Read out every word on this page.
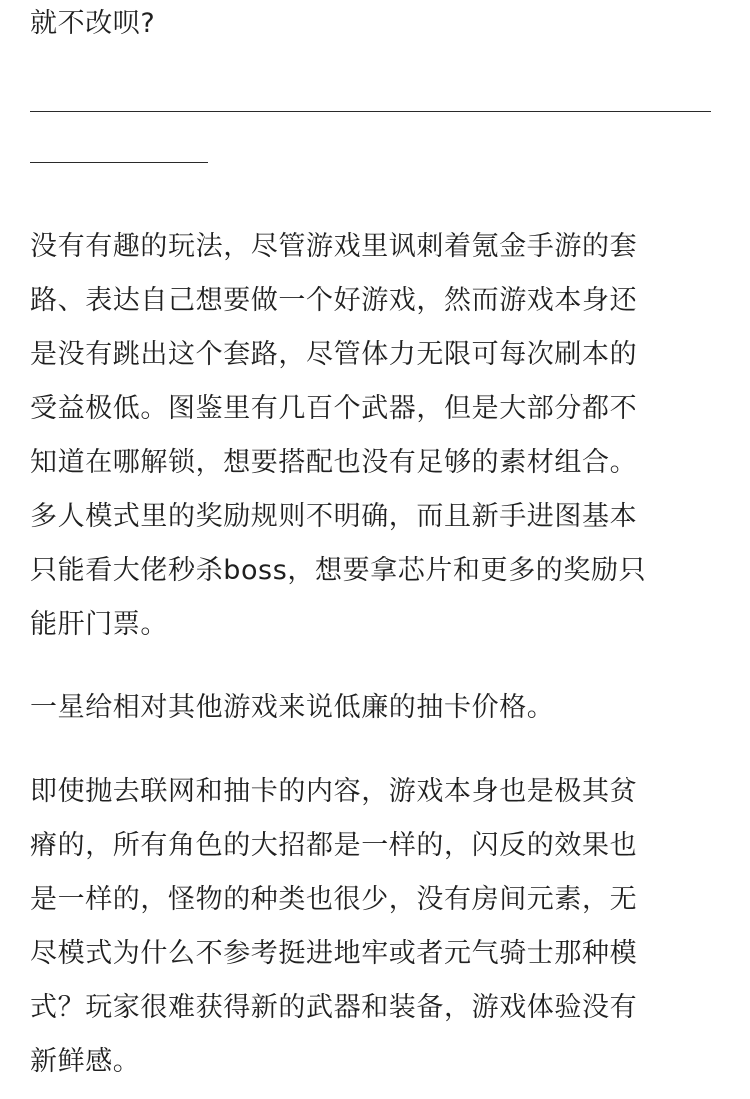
就不改呗?
没有有趣的玩法，尽管游戏里讽刺着氪金手游的套
路、表达自己想要做一个好游戏，然而游戏本身还
是没有跳出这个套路，尽管体力无限可每次刷本的
受益极低。图鉴里有几百个武器，但是大部分都不
知道在哪解锁，想要搭配也没有足够的素材组合。
多人模式里的奖励规则不明确，而且新手进图基本
只能看大佬秒杀boss，想要拿芯片和更多的奖励只
能肝门票。
一星给相对其他游戏来说低廉的抽卡价格。
即使抛去联网和抽卡的内容，游戏本身也是极其贫
瘠的，所有角色的大招都是一样的，闪反的效果也
是一样的，怪物的种类也很少，没有房间元素，无
尽模式为什么不参考挺进地牢或者元气骑士那种模
式？玩家很难获得新的武器和装备，游戏体验没有
新鲜感。
